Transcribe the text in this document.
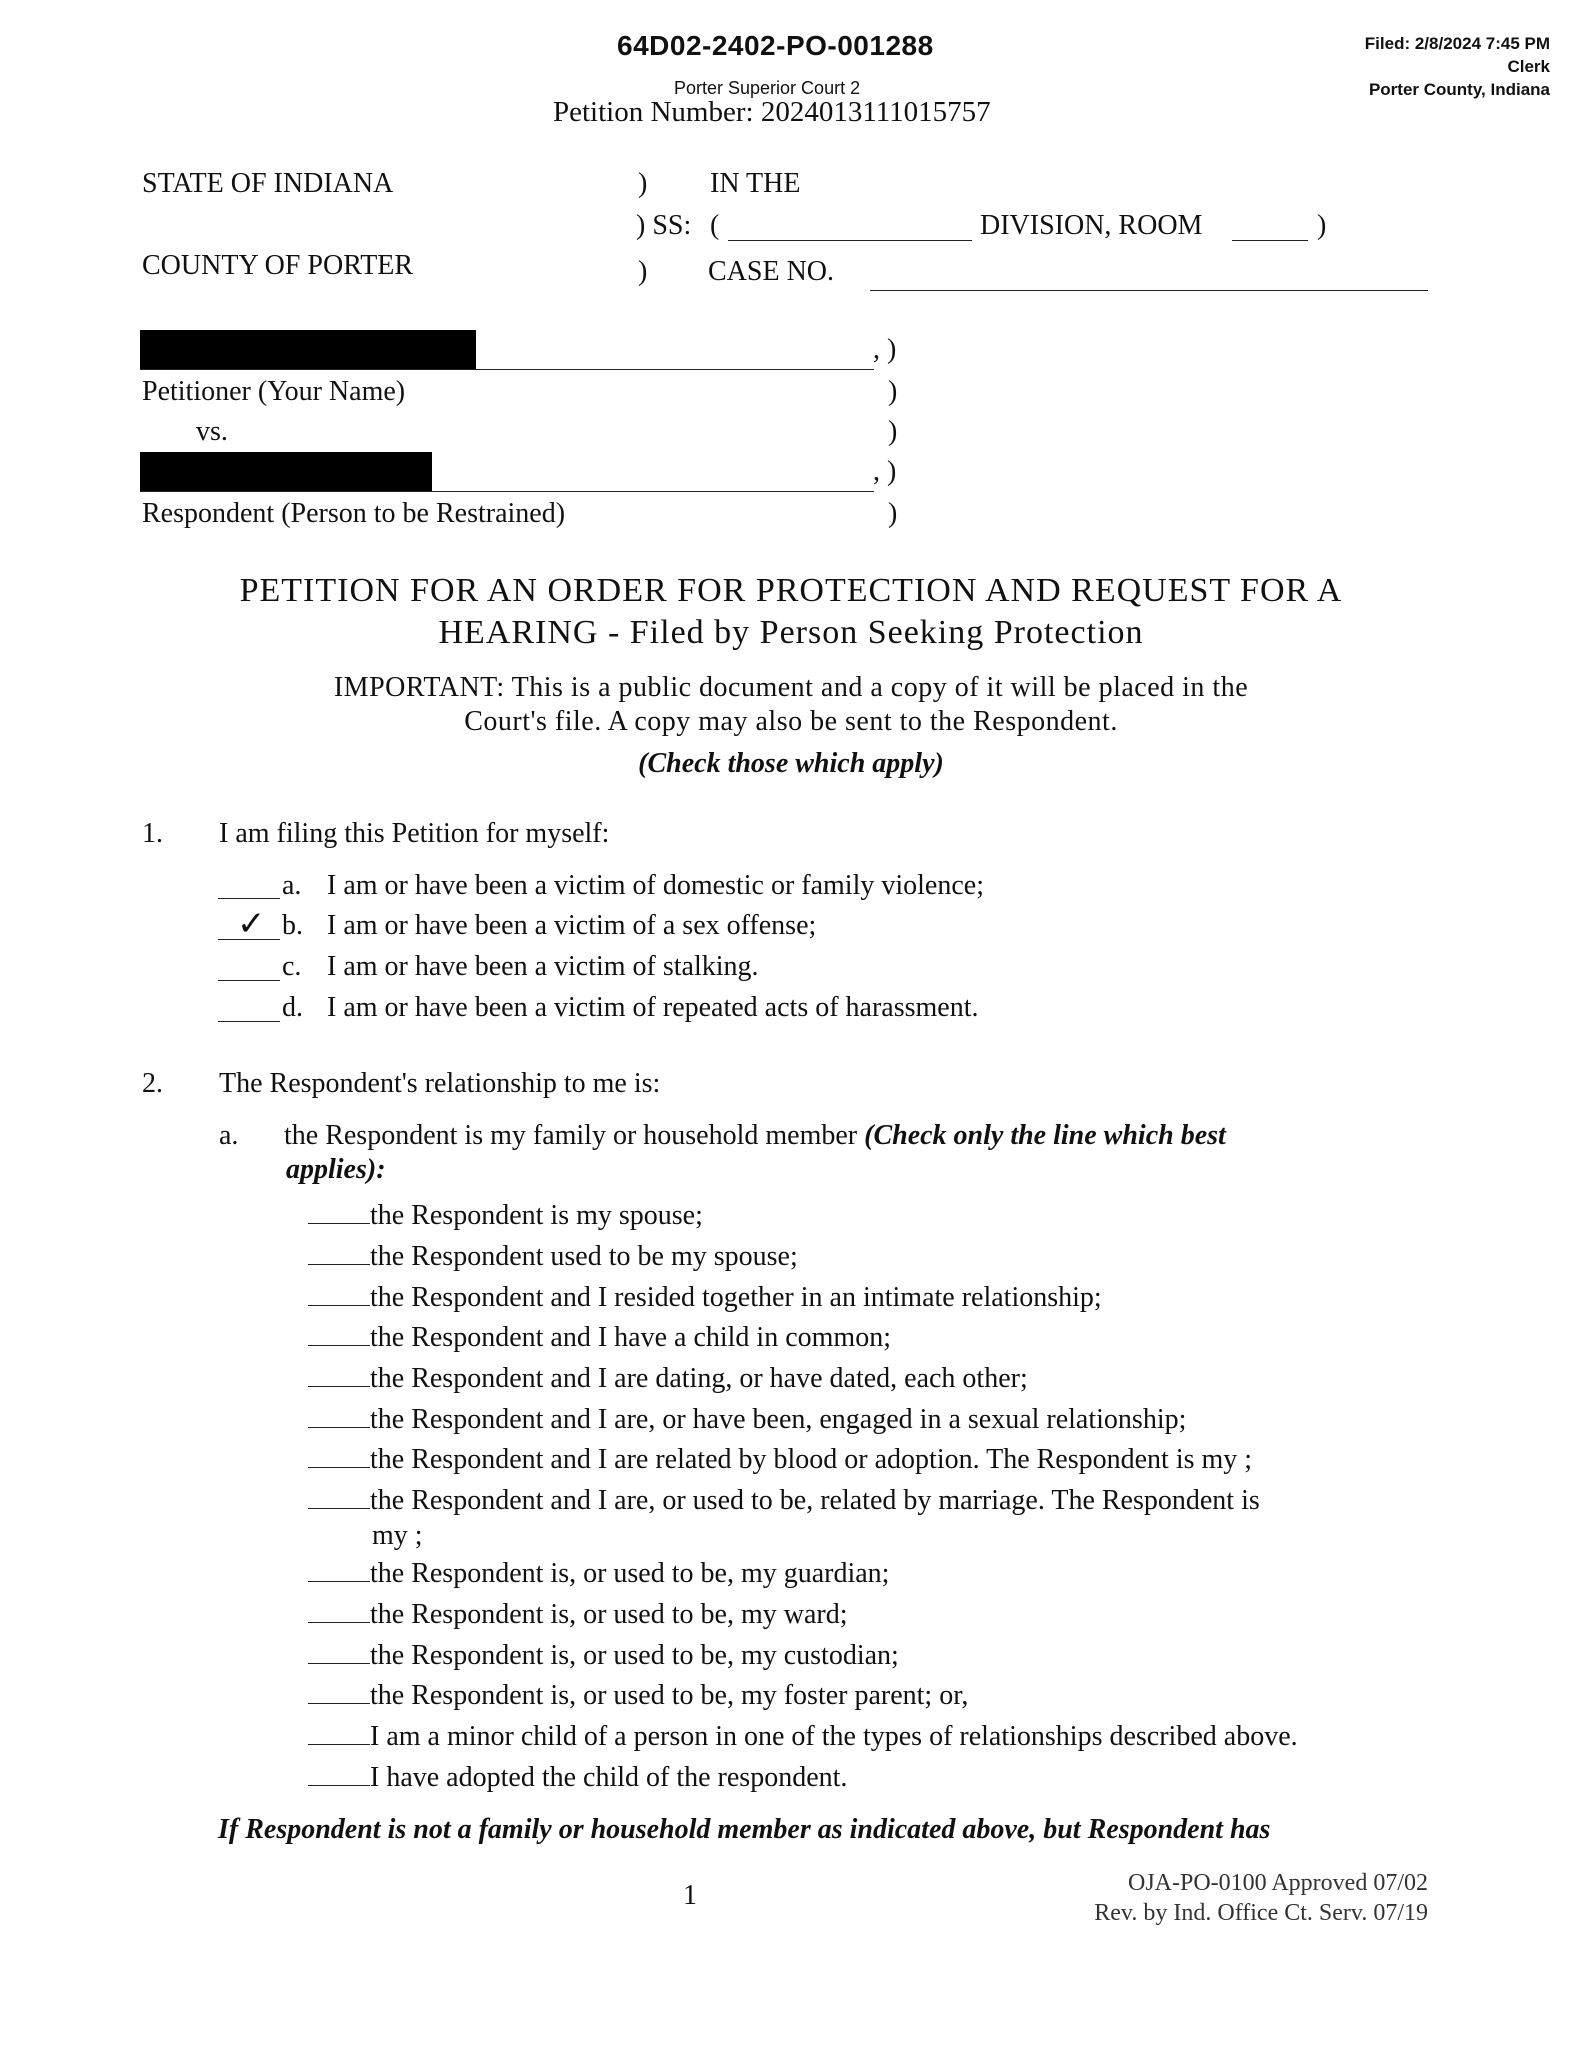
64D02-2402-PO-001288
Porter Superior Court 2
Petition Number: 2024013111015757
Filed: 2/8/2024 7:45 PM
Clerk
Porter County, Indiana
STATE OF INDIANA
COUNTY OF PORTER
)
) SS:
)
IN THE
(	DIVISION, ROOM	)
CASE NO.
, )
Petitioner (Your Name)	)
vs.	)
, )
Respondent (Person to be Restrained)	)
PETITION FOR AN ORDER FOR PROTECTION AND REQUEST FOR A
HEARING - Filed by Person Seeking Protection
IMPORTANT: This is a public document and a copy of it will be placed in the
Court's file. A copy may also be sent to the Respondent.
(Check those which apply)
1. I am filing this Petition for myself:
a. I am or have been a victim of domestic or family violence;
✓ b. I am or have been a victim of a sex offense;
c. I am or have been a victim of stalking.
d. I am or have been a victim of repeated acts of harassment.
2. The Respondent's relationship to me is:
a. the Respondent is my family or household member (Check only the line which best
applies):
the Respondent is my spouse;
the Respondent used to be my spouse;
the Respondent and I resided together in an intimate relationship;
the Respondent and I have a child in common;
the Respondent and I are dating, or have dated, each other;
the Respondent and I are, or have been, engaged in a sexual relationship;
the Respondent and I are related by blood or adoption. The Respondent is my ;
the Respondent and I are, or used to be, related by marriage. The Respondent is
my ;
the Respondent is, or used to be, my guardian;
the Respondent is, or used to be, my ward;
the Respondent is, or used to be, my custodian;
the Respondent is, or used to be, my foster parent; or,
I am a minor child of a person in one of the types of relationships described above.
I have adopted the child of the respondent.
If Respondent is not a family or household member as indicated above, but Respondent has
1	OJA-PO-0100 Approved 07/02
Rev. by Ind. Office Ct. Serv. 07/19
